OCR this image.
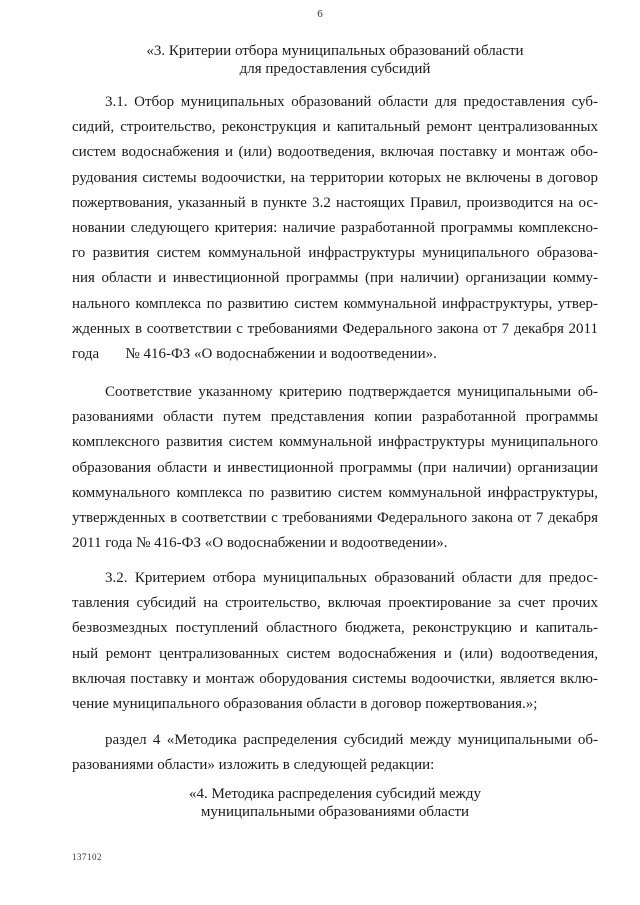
6
«3. Критерии отбора муниципальных образований области
для предоставления субсидий
3.1. Отбор муниципальных образований области для предоставления суб-
сидий, строительство, реконструкция и капитальный ремонт централизованных
систем водоснабжения и (или) водоотведения, включая поставку и монтаж обо-
рудования системы водоочистки, на территории которых не включены в договор
пожертвования, указанный в пункте 3.2 настоящих Правил, производится на ос-
новании следующего критерия: наличие разработанной программы комплексно-
го развития систем коммунальной инфраструктуры муниципального образова-
ния области и инвестиционной программы (при наличии) организации комму-
нального комплекса по развитию систем коммунальной инфраструктуры, утвер-
жденных в соответствии с требованиями Федерального закона от 7 декабря 2011
года       № 416-ФЗ «О водоснабжении и водоотведении».
Соответствие указанному критерию подтверждается муниципальными об-
разованиями области путем представления копии разработанной программы
комплексного развития систем коммунальной инфраструктуры муниципального
образования области и инвестиционной программы (при наличии) организации
коммунального комплекса по развитию систем коммунальной инфраструктуры,
утвержденных в соответствии с требованиями Федерального закона от 7 декабря
2011 года № 416-ФЗ «О водоснабжении и водоотведении».
3.2. Критерием отбора муниципальных образований области для предос-
тавления субсидий на строительство, включая проектирование за счет прочих
безвозмездных поступлений областного бюджета, реконструкцию и капиталь-
ный ремонт централизованных систем водоснабжения и (или) водоотведения,
включая поставку и монтаж оборудования системы водоочистки, является вклю-
чение муниципального образования области в договор пожертвования.»;
раздел 4 «Методика распределения субсидий между муниципальными об-
разованиями области» изложить в следующей редакции:
«4. Методика распределения субсидий между
муниципальными образованиями области
137102
